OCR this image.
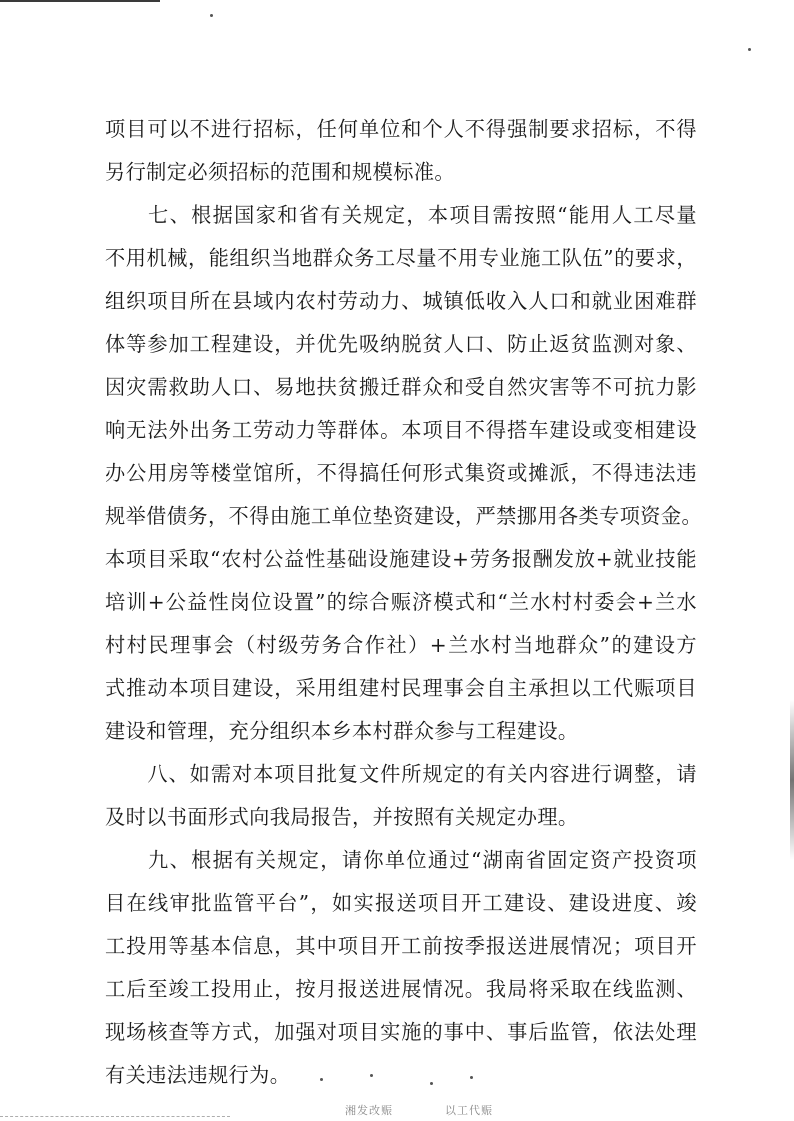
项目可以不进行招标，任何单位和个人不得强制要求招标，不得
另行制定必须招标的范围和规模标准。
　　七、根据国家和省有关规定，本项目需按照“能用人工尽量
不用机械，能组织当地群众务工尽量不用专业施工队伍”的要求，
组织项目所在县域内农村劳动力、城镇低收入人口和就业困难群
体等参加工程建设，并优先吸纳脱贫人口、防止返贫监测对象、
因灾需救助人口、易地扶贫搬迁群众和受自然灾害等不可抗力影
响无法外出务工劳动力等群体。本项目不得搭车建设或变相建设
办公用房等楼堂馆所，不得搞任何形式集资或摊派，不得违法违
规举借债务，不得由施工单位垫资建设，严禁挪用各类专项资金。
本项目采取“农村公益性基础设施建设+劳务报酬发放+就业技能
培训+公益性岗位设置”的综合赈济模式和“兰水村村委会+兰水
村村民理事会（村级劳务合作社）+兰水村当地群众”的建设方
式推动本项目建设，采用组建村民理事会自主承担以工代赈项目
建设和管理，充分组织本乡本村群众参与工程建设。
　　八、如需对本项目批复文件所规定的有关内容进行调整，请
及时以书面形式向我局报告，并按照有关规定办理。
　　九、根据有关规定，请你单位通过“湖南省固定资产投资项
目在线审批监管平台”，如实报送项目开工建设、建设进度、竣
工投用等基本信息，其中项目开工前按季报送进展情况；项目开
工后至竣工投用止，按月报送进展情况。我局将采取在线监测、
现场核查等方式，加强对项目实施的事中、事后监管，依法处理
有关违法违规行为。
湘发改赈	以工代赈
